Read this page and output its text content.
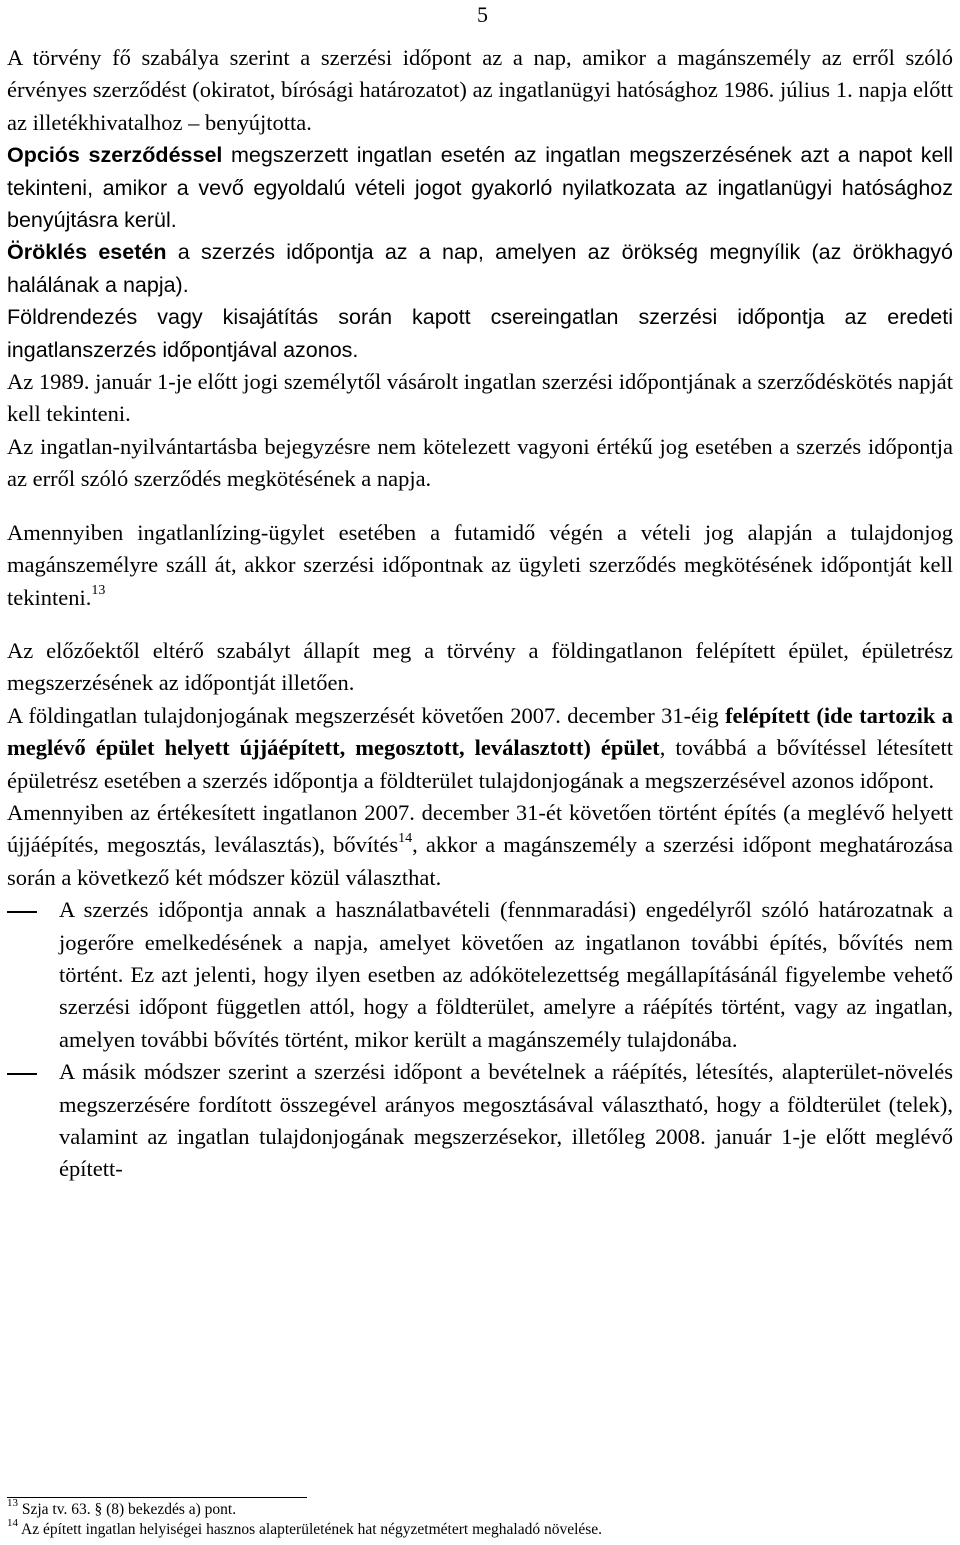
5

A törvény fő szabálya szerint a szerzési időpont az a nap, amikor a magánszemély az erről szóló érvényes szerződést (okiratot, bírósági határozatot) az ingatlanügyi hatósághoz 1986. július 1. napja előtt az illetékhivatalhoz – benyújtotta.

Opciós szerződéssel megszerzett ingatlan esetén az ingatlan megszerzésének azt a napot kell tekinteni, amikor a vevő egyoldalú vételi jogot gyakorló nyilatkozata az ingatlanügyi hatósághoz benyújtásra kerül.

Öröklés esetén a szerzés időpontja az a nap, amelyen az örökség megnyílik (az örökhagyó halálának a napja).

Földrendezés vagy kisajátítás során kapott csereingatlan szerzési időpontja az eredeti ingatlanszerzés időpontjával azonos.

Az 1989. január 1-je előtt jogi személytől vásárolt ingatlan szerzési időpontjának a szerződéskötés napját kell tekinteni.

Az ingatlan-nyilvántartásba bejegyzésre nem kötelezett vagyoni értékű jog esetében a szerzés időpontja az erről szóló szerződés megkötésének a napja.

Amennyiben ingatlanlízing-ügylet esetében a futamidő végén a vételi jog alapján a tulajdonjog magánszemélyre száll át, akkor szerzési időpontnak az ügyleti szerződés megkötésének időpontját kell tekinteni.$^{13}$

Az előzőektől eltérő szabályt állapít meg a törvény a földingatlanon felépített épület, épületrész megszerzésének az időpontját illetően.

A földingatlan tulajdonjogának megszerzését követően 2007. december 31-éig felépített (ide tartozik a meglévő épület helyett újjáépített, megosztott, leválasztott) épület, továbbá a bővítéssel létesített épületrész esetében a szerzés időpontja a földterület tulajdonjogának a megszerzésével azonos időpont.

Amennyiben az értékesített ingatlanon 2007. december 31-ét követően történt építés (a meglévő helyett újjáépítés, megosztás, leválasztás), bővítés$^{14}$, akkor a magánszemély a szerzési időpont meghatározása során a következő két módszer közül választhat.

A szerzés időpontja annak a használatbavételi (fennmaradási) engedélyről szóló határozatnak a jogerőre emelkedésének a napja, amelyet követően az ingatlanon további építés, bővítés nem történt. Ez azt jelenti, hogy ilyen esetben az adókötelezettség megállapításánál figyelembe vehető szerzési időpont független attól, hogy a földterület, amelyre a ráépítés történt, vagy az ingatlan, amelyen további bővítés történt, mikor került a magánszemély tulajdonába.
A másik módszer szerint a szerzési időpont a bevételnek a ráépítés, létesítés, alapterület-növelés megszerzésére fordított összegével arányos megosztásával választható, hogy a földterület (telek), valamint az ingatlan tulajdonjogának megszerzésekor, illetőleg 2008. január 1-je előtt meglévő épített-
$^{13}$ Szja tv. 63. § (8) bekezdés a) pont.
$^{14}$ Az épített ingatlan helyiségei hasznos alapterületének hat négyzetmétert meghaladó növelése.
